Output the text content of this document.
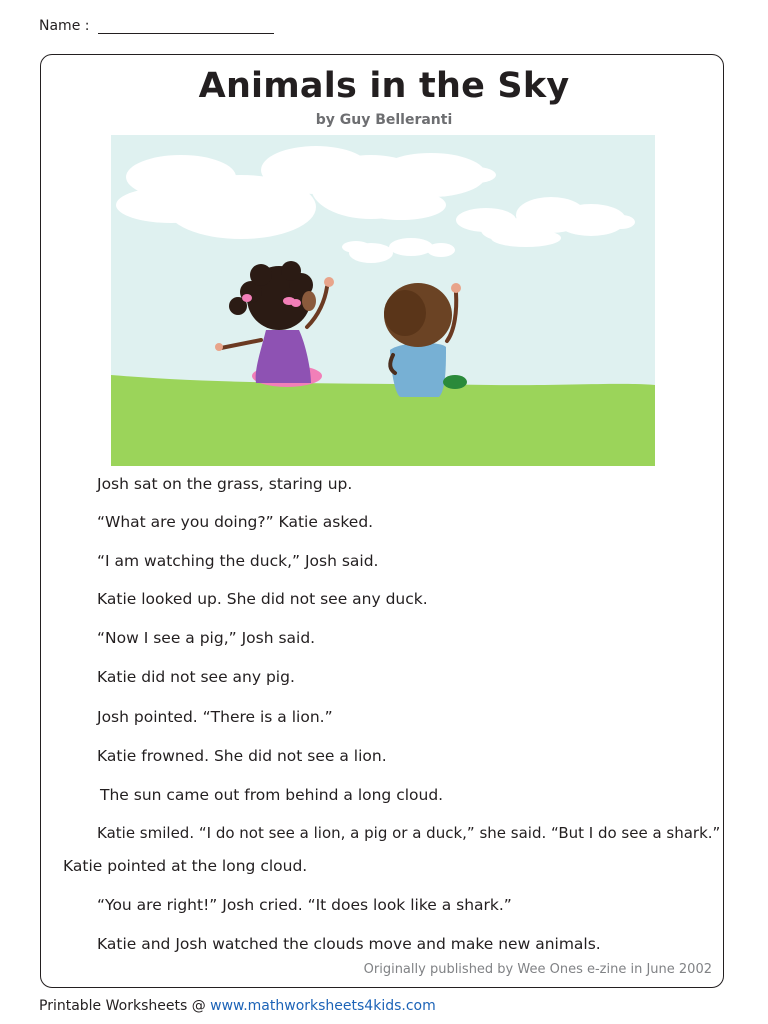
Name :
Animals in the Sky
by Guy Belleranti
Josh sat on the grass, staring up.
“What are you doing?” Katie asked.
“I am watching the duck,” Josh said.
Katie looked up. She did not see any duck.
“Now I see a pig,” Josh said.
Katie did not see any pig.
Josh pointed. “There is a lion.”
Katie frowned. She did not see a lion.
The sun came out from behind a long cloud.
Katie smiled. “I do not see a lion, a pig or a duck,” she said. “But I do see a shark.”
Katie pointed at the long cloud.
“You are right!” Josh cried. “It does look like a shark.”
Katie and Josh watched the clouds move and make new animals.
Originally published by Wee Ones e-zine in June 2002
Printable Worksheets @ www.mathworksheets4kids.com
